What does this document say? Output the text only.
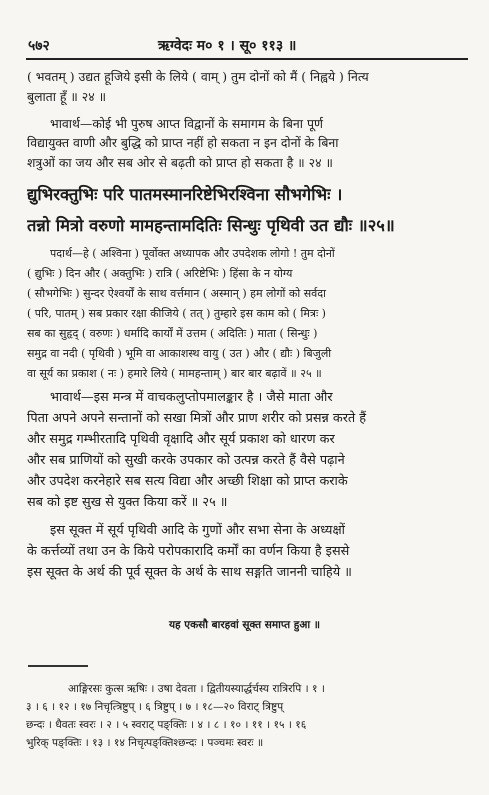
५७२	ऋग्वेदः म० १ । सू० ११३ ॥
( भवतम् ) उद्यत हूजिये इसी के लिये ( वाम् ) तुम दोनों को मैं ( निह्वये ) नित्य
बुलाता हूँ ॥ २४ ॥
भावार्थ—कोई भी पुरुष आप्त विद्वानों के समागम के बिना पूर्ण
विद्यायुक्त वाणी और बुद्धि को प्राप्त नहीं हो सकता न इन दोनों के बिना
शत्रुओं का जय और सब ओर से बढ़ती को प्राप्त हो सकता है ॥ २४ ॥
द्युभिरक्तुभिः परि पातमस्मानरिष्टेभिरश्विना सौभगेभिः ।
तन्नो मित्रो वरुणो मामहन्तामदितिः सिन्धुः पृथिवी उत द्यौः ॥२५॥
पदार्थ—हे ( अश्विना ) पूर्वोक्त अध्यापक और उपदेशक लोगो ! तुम दोनों
( द्युभिः ) दिन और ( अक्तुभिः ) रात्रि ( अरिष्टेभिः ) हिंसा के न योग्य
( सौभगेभिः ) सुन्दर ऐश्वर्यों के साथ वर्त्तमान ( अस्मान् ) हम लोगों को सर्वदा
( परि, पातम् ) सब प्रकार रक्षा कीजिये ( तत् ) तुम्हारे इस काम को ( मित्रः )
सब का सुहृद् ( वरुणः ) धर्मादि कार्यों में उत्तम ( अदितिः ) माता ( सिन्धुः )
समुद्र वा नदी ( पृथिवी ) भूमि वा आकाशस्थ वायु ( उत ) और ( द्यौः ) बिजुली
वा सूर्य का प्रकाश ( नः ) हमारे लिये ( मामहन्ताम् ) बार बार बढ़ावें ॥ २५ ॥
भावार्थ—इस मन्त्र में वाचकलुप्तोपमालङ्कार है । जैसे माता और
पिता अपने अपने सन्तानों को सखा मित्रों और प्राण शरीर को प्रसन्न करते हैं
और समुद्र गम्भीरतादि पृथिवी वृक्षादि और सूर्य प्रकाश को धारण कर
और सब प्राणियों को सुखी करके उपकार को उत्पन्न करते हैं वैसे पढ़ाने
और उपदेश करनेहारे सब सत्य विद्या और अच्छी शिक्षा को प्राप्त कराके
सब को इष्ट सुख से युक्त किया करें ॥ २५ ॥
इस सूक्त में सूर्य पृथिवी आदि के गुणों और सभा सेना के अध्यक्षों
के कर्त्तव्यों तथा उन के किये परोपकारादि कर्मों का वर्णन किया है इससे
इस सूक्त के अर्थ की पूर्व सूक्त के अर्थ के साथ सङ्गति जाननी चाहिये ॥
यह एकसौ बारहवां सूक्त समाप्त हुआ ॥
आङ्गिरसः कुत्स ऋषिः । उषा देवता । द्वितीयस्यार्द्धर्चस्य रात्रिरपि । १ ।
३ । ६ । १२ । १७ निचृत्त्रिष्टुप् । ६ त्रिष्टुप् । ७ । १८—२० विराट् त्रिष्टुप्
छन्दः । धैवतः स्वरः । २ । ५ स्वराट् पङ्क्तिः । ४ । ८ । १० । ११ । १५ । १६
भुरिक् पङ्क्तिः । १३ । १४ निचृत्पङ्क्तिश्छन्दः । पञ्चमः स्वरः ॥
